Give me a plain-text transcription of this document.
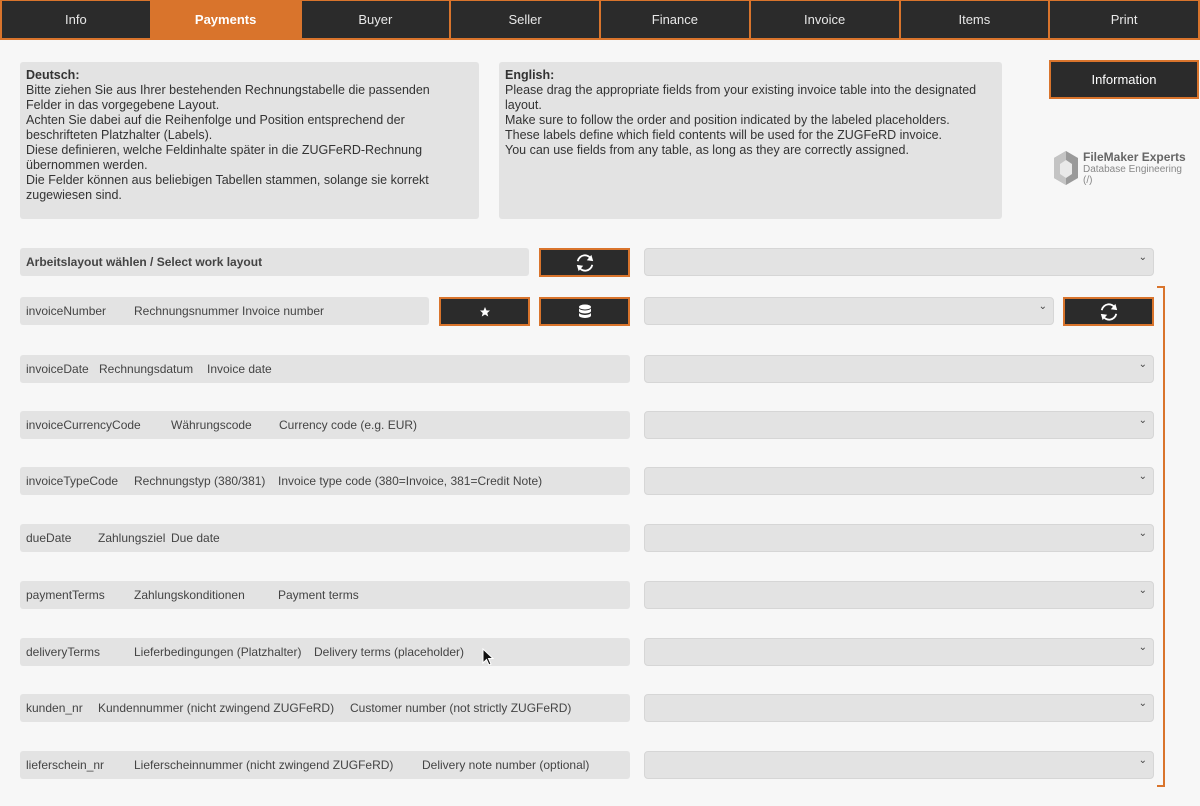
Info	Payments	Buyer	Seller	Finance	Invoice	Items	Print
Deutsch:
Bitte ziehen Sie aus Ihrer bestehenden Rechnungstabelle die passenden
Felder in das vorgegebene Layout.
Achten Sie dabei auf die Reihenfolge und Position entsprechend der
beschrifteten Platzhalter (Labels).
Diese definieren, welche Feldinhalte später in die ZUGFeRD-Rechnung
übernommen werden.
Die Felder können aus beliebigen Tabellen stammen, solange sie korrekt
zugewiesen sind.
English:
Please drag the appropriate fields from your existing invoice table into the designated
layout.
Make sure to follow the order and position indicated by the labeled placeholders.
These labels define which field contents will be used for the ZUGFeRD invoice.
You can use fields from any table, as long as they are correctly assigned.
Information
FileMaker Experts
Database Engineering (/)
Arbeitslayout wählen / Select work layout	⌄
invoiceNumber Rechnungsnummer Invoice number	⌄
invoiceDate Rechnungsdatum Invoice date	⌄
invoiceCurrencyCode	Währungscode Currency code (e.g. EUR)	⌄
invoiceTypeCode Rechnungstyp (380/381) Invoice type code (380=Invoice, 381=Credit Note)	⌄
dueDate Zahlungsziel Due date	⌄
paymentTerms Zahlungskonditionen	Payment terms	⌄
deliveryTerms	Lieferbedingungen (Platzhalter) Delivery terms (placeholder)	⌄
kunden_nr Kundennummer (nicht zwingend ZUGFeRD) Customer number (not strictly ZUGFeRD)	⌄
lieferschein_nr Lieferscheinnummer (nicht zwingend ZUGFeRD) Delivery note number (optional)	⌄
